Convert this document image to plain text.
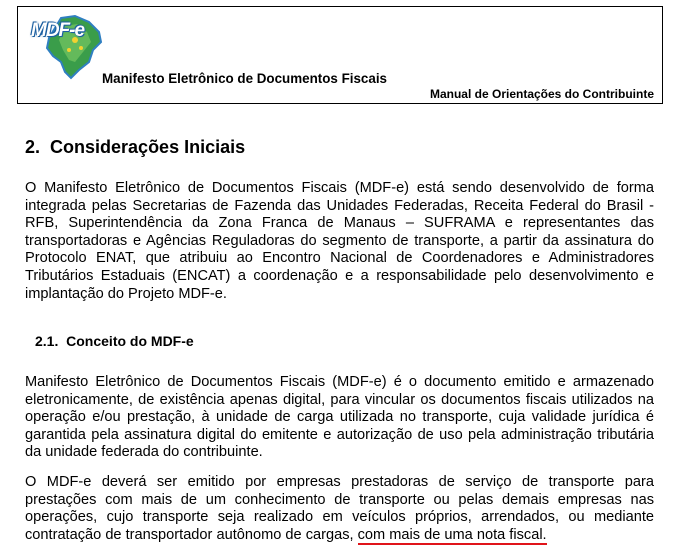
MDF-e
Manifesto Eletrônico de Documentos Fiscais
Manual de Orientações do Contribuinte
2. Considerações Iniciais
O Manifesto Eletrônico de Documentos Fiscais (MDF-e) está sendo desenvolvido de forma
integrada pelas Secretarias de Fazenda das Unidades Federadas, Receita Federal do Brasil -
RFB, Superintendência da Zona Franca de Manaus – SUFRAMA e representantes das
transportadoras e Agências Reguladoras do segmento de transporte, a partir da assinatura do
Protocolo ENAT, que atribuiu ao Encontro Nacional de Coordenadores e Administradores
Tributários Estaduais (ENCAT) a coordenação e a responsabilidade pelo desenvolvimento e
implantação do Projeto MDF-e.
2.1. Conceito do MDF-e
Manifesto Eletrônico de Documentos Fiscais (MDF-e) é o documento emitido e armazenado
eletronicamente, de existência apenas digital, para vincular os documentos fiscais utilizados na
operação e/ou prestação, à unidade de carga utilizada no transporte, cuja validade jurídica é
garantida pela assinatura digital do emitente e autorização de uso pela administração tributária
da unidade federada do contribuinte.
O MDF-e deverá ser emitido por empresas prestadoras de serviço de transporte para
prestações com mais de um conhecimento de transporte ou pelas demais empresas nas
operações, cujo transporte seja realizado em veículos próprios, arrendados, ou mediante
contratação de transportador autônomo de cargas, com mais de uma nota fiscal.
